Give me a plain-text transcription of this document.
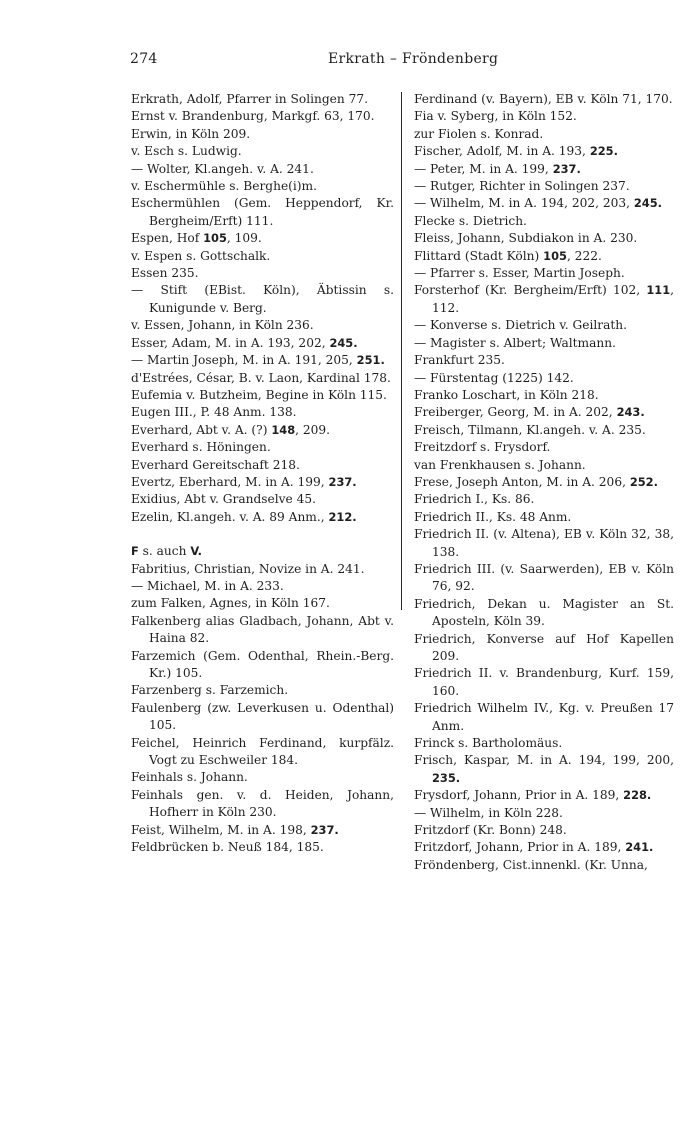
274	Erkrath – Fröndenberg

Erkrath, Adolf, Pfarrer in Solingen 77.

Ernst v. Brandenburg, Markgf. 63, 170.

Erwin, in Köln 209.

v. Esch s. Ludwig.

— Wolter, Kl.angeh. v. A. 241.

v. Eschermühle s. Berghe(i)m.

Eschermühlen (Gem. Heppendorf, Kr. Bergheim/Erft) 111.

Espen, Hof 105, 109.

v. Espen s. Gottschalk.

Essen 235.

— Stift (EBist. Köln), Äbtissin s. Kunigunde v. Berg.

v. Essen, Johann, in Köln 236.

Esser, Adam, M. in A. 193, 202, 245.

— Martin Joseph, M. in A. 191, 205, 251.

d'Estrées, César, B. v. Laon, Kardinal 178.

Eufemia v. Butzheim, Begine in Köln 115.

Eugen III., P. 48 Anm. 138.

Everhard, Abt v. A. (?) 148, 209.

Everhard s. Höningen.

Everhard Gereitschaft 218.

Evertz, Eberhard, M. in A. 199, 237.

Exidius, Abt v. Grandselve 45.

Ezelin, Kl.angeh. v. A. 89 Anm., 212.

F s. auch V.

Fabritius, Christian, Novize in A. 241.

— Michael, M. in A. 233.

zum Falken, Agnes, in Köln 167.

Falkenberg alias Gladbach, Johann, Abt v. Haina 82.

Farzemich (Gem. Odenthal, Rhein.-Berg. Kr.) 105.

Farzenberg s. Farzemich.

Faulenberg (zw. Leverkusen u. Odenthal) 105.

Feichel, Heinrich Ferdinand, kurpfälz. Vogt zu Eschweiler 184.

Feinhals s. Johann.

Feinhals gen. v. d. Heiden, Johann, Hofherr in Köln 230.

Feist, Wilhelm, M. in A. 198, 237.

Feldbrücken b. Neuß 184, 185.

Ferdinand (v. Bayern), EB v. Köln 71, 170.

Fia v. Syberg, in Köln 152.

zur Fiolen s. Konrad.

Fischer, Adolf, M. in A. 193, 225.

— Peter, M. in A. 199, 237.

— Rutger, Richter in Solingen 237.

— Wilhelm, M. in A. 194, 202, 203, 245.

Flecke s. Dietrich.

Fleiss, Johann, Subdiakon in A. 230.

Flittard (Stadt Köln) 105, 222.

— Pfarrer s. Esser, Martin Joseph.

Forsterhof (Kr. Bergheim/Erft) 102, 111, 112.

— Konverse s. Dietrich v. Geilrath.

— Magister s. Albert; Waltmann.

Frankfurt 235.

— Fürstentag (1225) 142.

Franko Loschart, in Köln 218.

Freiberger, Georg, M. in A. 202, 243.

Freisch, Tilmann, Kl.angeh. v. A. 235.

Freitzdorf s. Frysdorf.

van Frenkhausen s. Johann.

Frese, Joseph Anton, M. in A. 206, 252.

Friedrich I., Ks. 86.

Friedrich II., Ks. 48 Anm.

Friedrich II. (v. Altena), EB v. Köln 32, 38, 138.

Friedrich III. (v. Saarwerden), EB v. Köln 76, 92.

Friedrich, Dekan u. Magister an St. Aposteln, Köln 39.

Friedrich, Konverse auf Hof Kapellen 209.

Friedrich II. v. Brandenburg, Kurf. 159, 160.

Friedrich Wilhelm IV., Kg. v. Preußen 17 Anm.

Frinck s. Bartholomäus.

Frisch, Kaspar, M. in A. 194, 199, 200, 235.

Frysdorf, Johann, Prior in A. 189, 228.

— Wilhelm, in Köln 228.

Fritzdorf (Kr. Bonn) 248.

Fritzdorf, Johann, Prior in A. 189, 241.

Fröndenberg, Cist.innenkl. (Kr. Unna,
